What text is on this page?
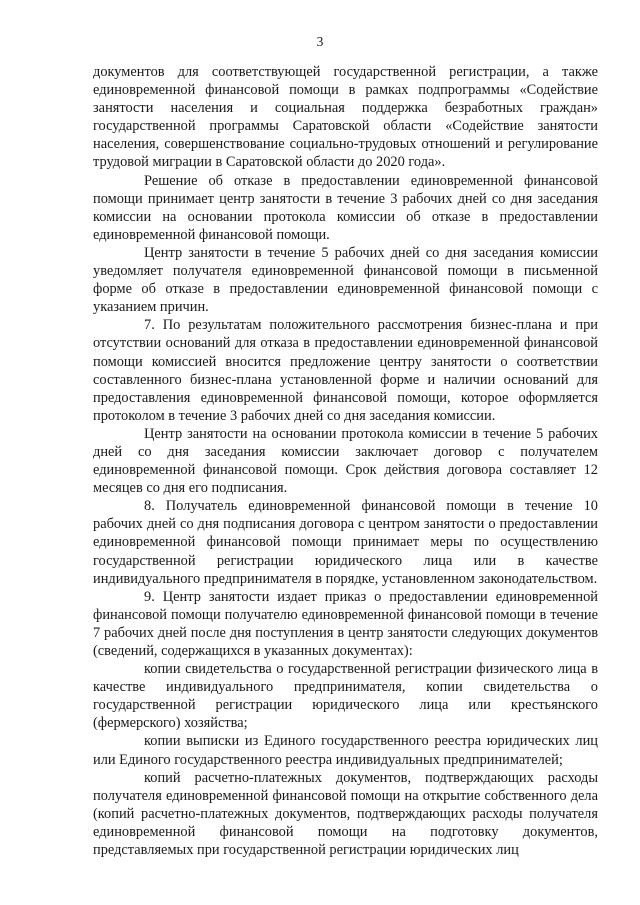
3

документов для соответствующей государственной регистрации, а также единовременной финансовой помощи в рамках подпрограммы «Содействие занятости населения и социальная поддержка безработных граждан» государственной программы Саратовской области «Содействие занятости населения, совершенствование социально-трудовых отношений и регулирование трудовой миграции в Саратовской области до 2020 года».

Решение об отказе в предоставлении единовременной финансовой помощи принимает центр занятости в течение 3 рабочих дней со дня заседания комиссии на основании протокола комиссии об отказе в предоставлении единовременной финансовой помощи.

Центр занятости в течение 5 рабочих дней со дня заседания комиссии уведомляет получателя единовременной финансовой помощи в письменной форме об отказе в предоставлении единовременной финансовой помощи с указанием причин.

7. По результатам положительного рассмотрения бизнес-плана и при отсутствии оснований для отказа в предоставлении единовременной финансовой помощи комиссией вносится предложение центру занятости о соответствии составленного бизнес-плана установленной форме и наличии оснований для предоставления единовременной финансовой помощи, которое оформляется протоколом в течение 3 рабочих дней со дня заседания комиссии.

Центр занятости на основании протокола комиссии в течение 5 рабочих дней со дня заседания комиссии заключает договор с получателем единовременной финансовой помощи. Срок действия договора составляет 12 месяцев со дня его подписания.

8. Получатель единовременной финансовой помощи в течение 10 рабочих дней со дня подписания договора с центром занятости о предоставлении единовременной финансовой помощи принимает меры по осуществлению государственной регистрации юридического лица или в качестве индивидуального предпринимателя в порядке, установленном законодательством.

9. Центр занятости издает приказ о предоставлении единовременной финансовой помощи получателю единовременной финансовой помощи в течение 7 рабочих дней после дня поступления в центр занятости следующих документов (сведений, содержащихся в указанных документах):

копии свидетельства о государственной регистрации физического лица в качестве индивидуального предпринимателя, копии свидетельства о государственной регистрации юридического лица или крестьянского (фермерского) хозяйства;

копии выписки из Единого государственного реестра юридических лиц или Единого государственного реестра индивидуальных предпринимателей;

копий расчетно-платежных документов, подтверждающих расходы получателя единовременной финансовой помощи на открытие собственного дела (копий расчетно-платежных документов, подтверждающих расходы получателя единовременной финансовой помощи на подготовку документов, представляемых при государственной регистрации юридических лиц
